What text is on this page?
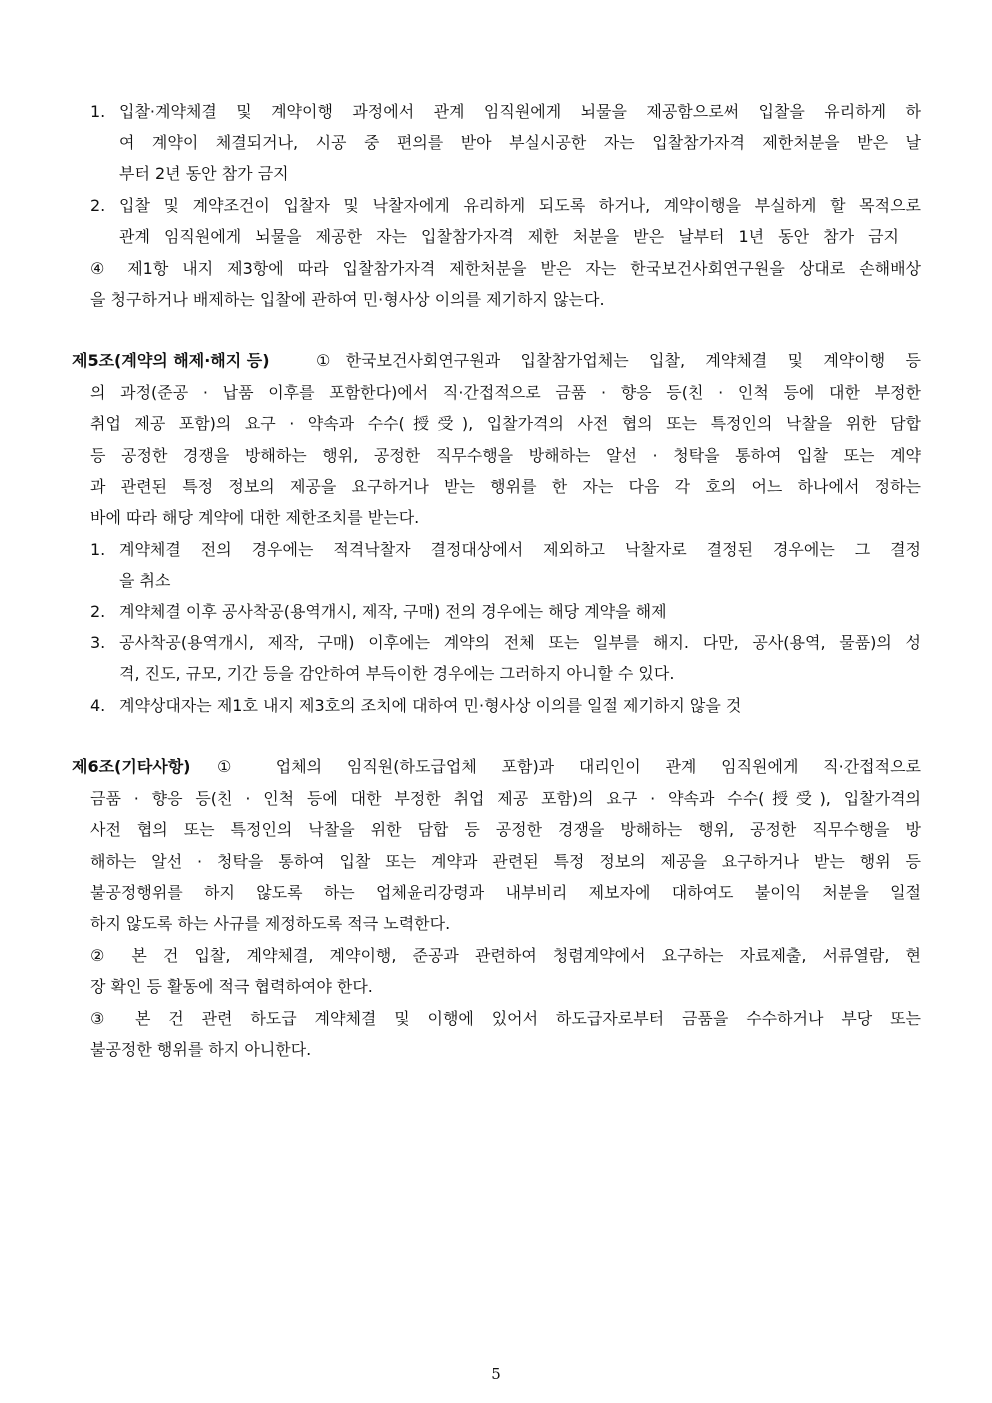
1. 입찰·계약체결 및 계약이행 과정에서 관계 임직원에게 뇌물을 제공함으로써 입찰을 유리하게 하
여 계약이 체결되거나, 시공 중 편의를 받아 부실시공한 자는 입찰참가자격 제한처분을 받은 날
부터 2년 동안 참가 금지
2. 입찰 및 계약조건이 입찰자 및 낙찰자에게 유리하게 되도록 하거나, 계약이행을 부실하게 할 목적으로
관계 임직원에게 뇌물을 제공한 자는 입찰참가자격 제한 처분을 받은 날부터 1년 동안 참가 금지
④ 제1항 내지 제3항에 따라 입찰참가자격 제한처분을 받은 자는 한국보건사회연구원을 상대로 손해배상
을 청구하거나 배제하는 입찰에 관하여 민·형사상 이의를 제기하지 않는다.
제5조(계약의 해제·해지 등)	①한국보건사회연구원과 입찰참가업체는 입찰, 계약체결 및 계약이행 등
의 과정(준공 · 납품 이후를 포함한다)에서 직·간접적으로 금품 · 향응 등(친 · 인척 등에 대한 부정한
취업 제공 포함)의 요구 · 약속과 수수(授受), 입찰가격의 사전 협의 또는 특정인의 낙찰을 위한 담합
등 공정한 경쟁을 방해하는 행위, 공정한 직무수행을 방해하는 알선 · 청탁을 통하여 입찰 또는 계약
과 관련된 특정 정보의 제공을 요구하거나 받는 행위를 한 자는 다음 각 호의 어느 하나에서 정하는
바에 따라 해당 계약에 대한 제한조치를 받는다.
1. 계약체결 전의 경우에는 적격낙찰자 결정대상에서 제외하고 낙찰자로 결정된 경우에는 그 결정
을 취소
2. 계약체결 이후 공사착공(용역개시, 제작, 구매) 전의 경우에는 해당 계약을 해제
3. 공사착공(용역개시, 제작, 구매) 이후에는 계약의 전체 또는 일부를 해지. 다만, 공사(용역, 물품)의 성
격, 진도, 규모, 기간 등을 감안하여 부득이한 경우에는 그러하지 아니할 수 있다.
4. 계약상대자는 제1호 내지 제3호의 조치에 대하여 민·형사상 이의를 일절 제기하지 않을 것
제6조(기타사항) ① 업체의 임직원(하도급업체 포함)과 대리인이 관계 임직원에게 직·간접적으로
금품 · 향응 등(친 · 인척 등에 대한 부정한 취업 제공 포함)의 요구 · 약속과 수수(授受), 입찰가격의
사전 협의 또는 특정인의 낙찰을 위한 담합 등 공정한 경쟁을 방해하는 행위, 공정한 직무수행을 방
해하는 알선 · 청탁을 통하여 입찰 또는 계약과 관련된 특정 정보의 제공을 요구하거나 받는 행위 등
불공정행위를 하지 않도록 하는 업체윤리강령과 내부비리 제보자에 대하여도 불이익 처분을 일절
하지 않도록 하는 사규를 제정하도록 적극 노력한다.
② 본 건 입찰, 계약체결, 계약이행, 준공과 관련하여 청렴계약에서 요구하는 자료제출, 서류열람, 현
장 확인 등 활동에 적극 협력하여야 한다.
③ 본 건 관련 하도급 계약체결 및 이행에 있어서 하도급자로부터 금품을 수수하거나 부당 또는
불공정한 행위를 하지 아니한다.
5
